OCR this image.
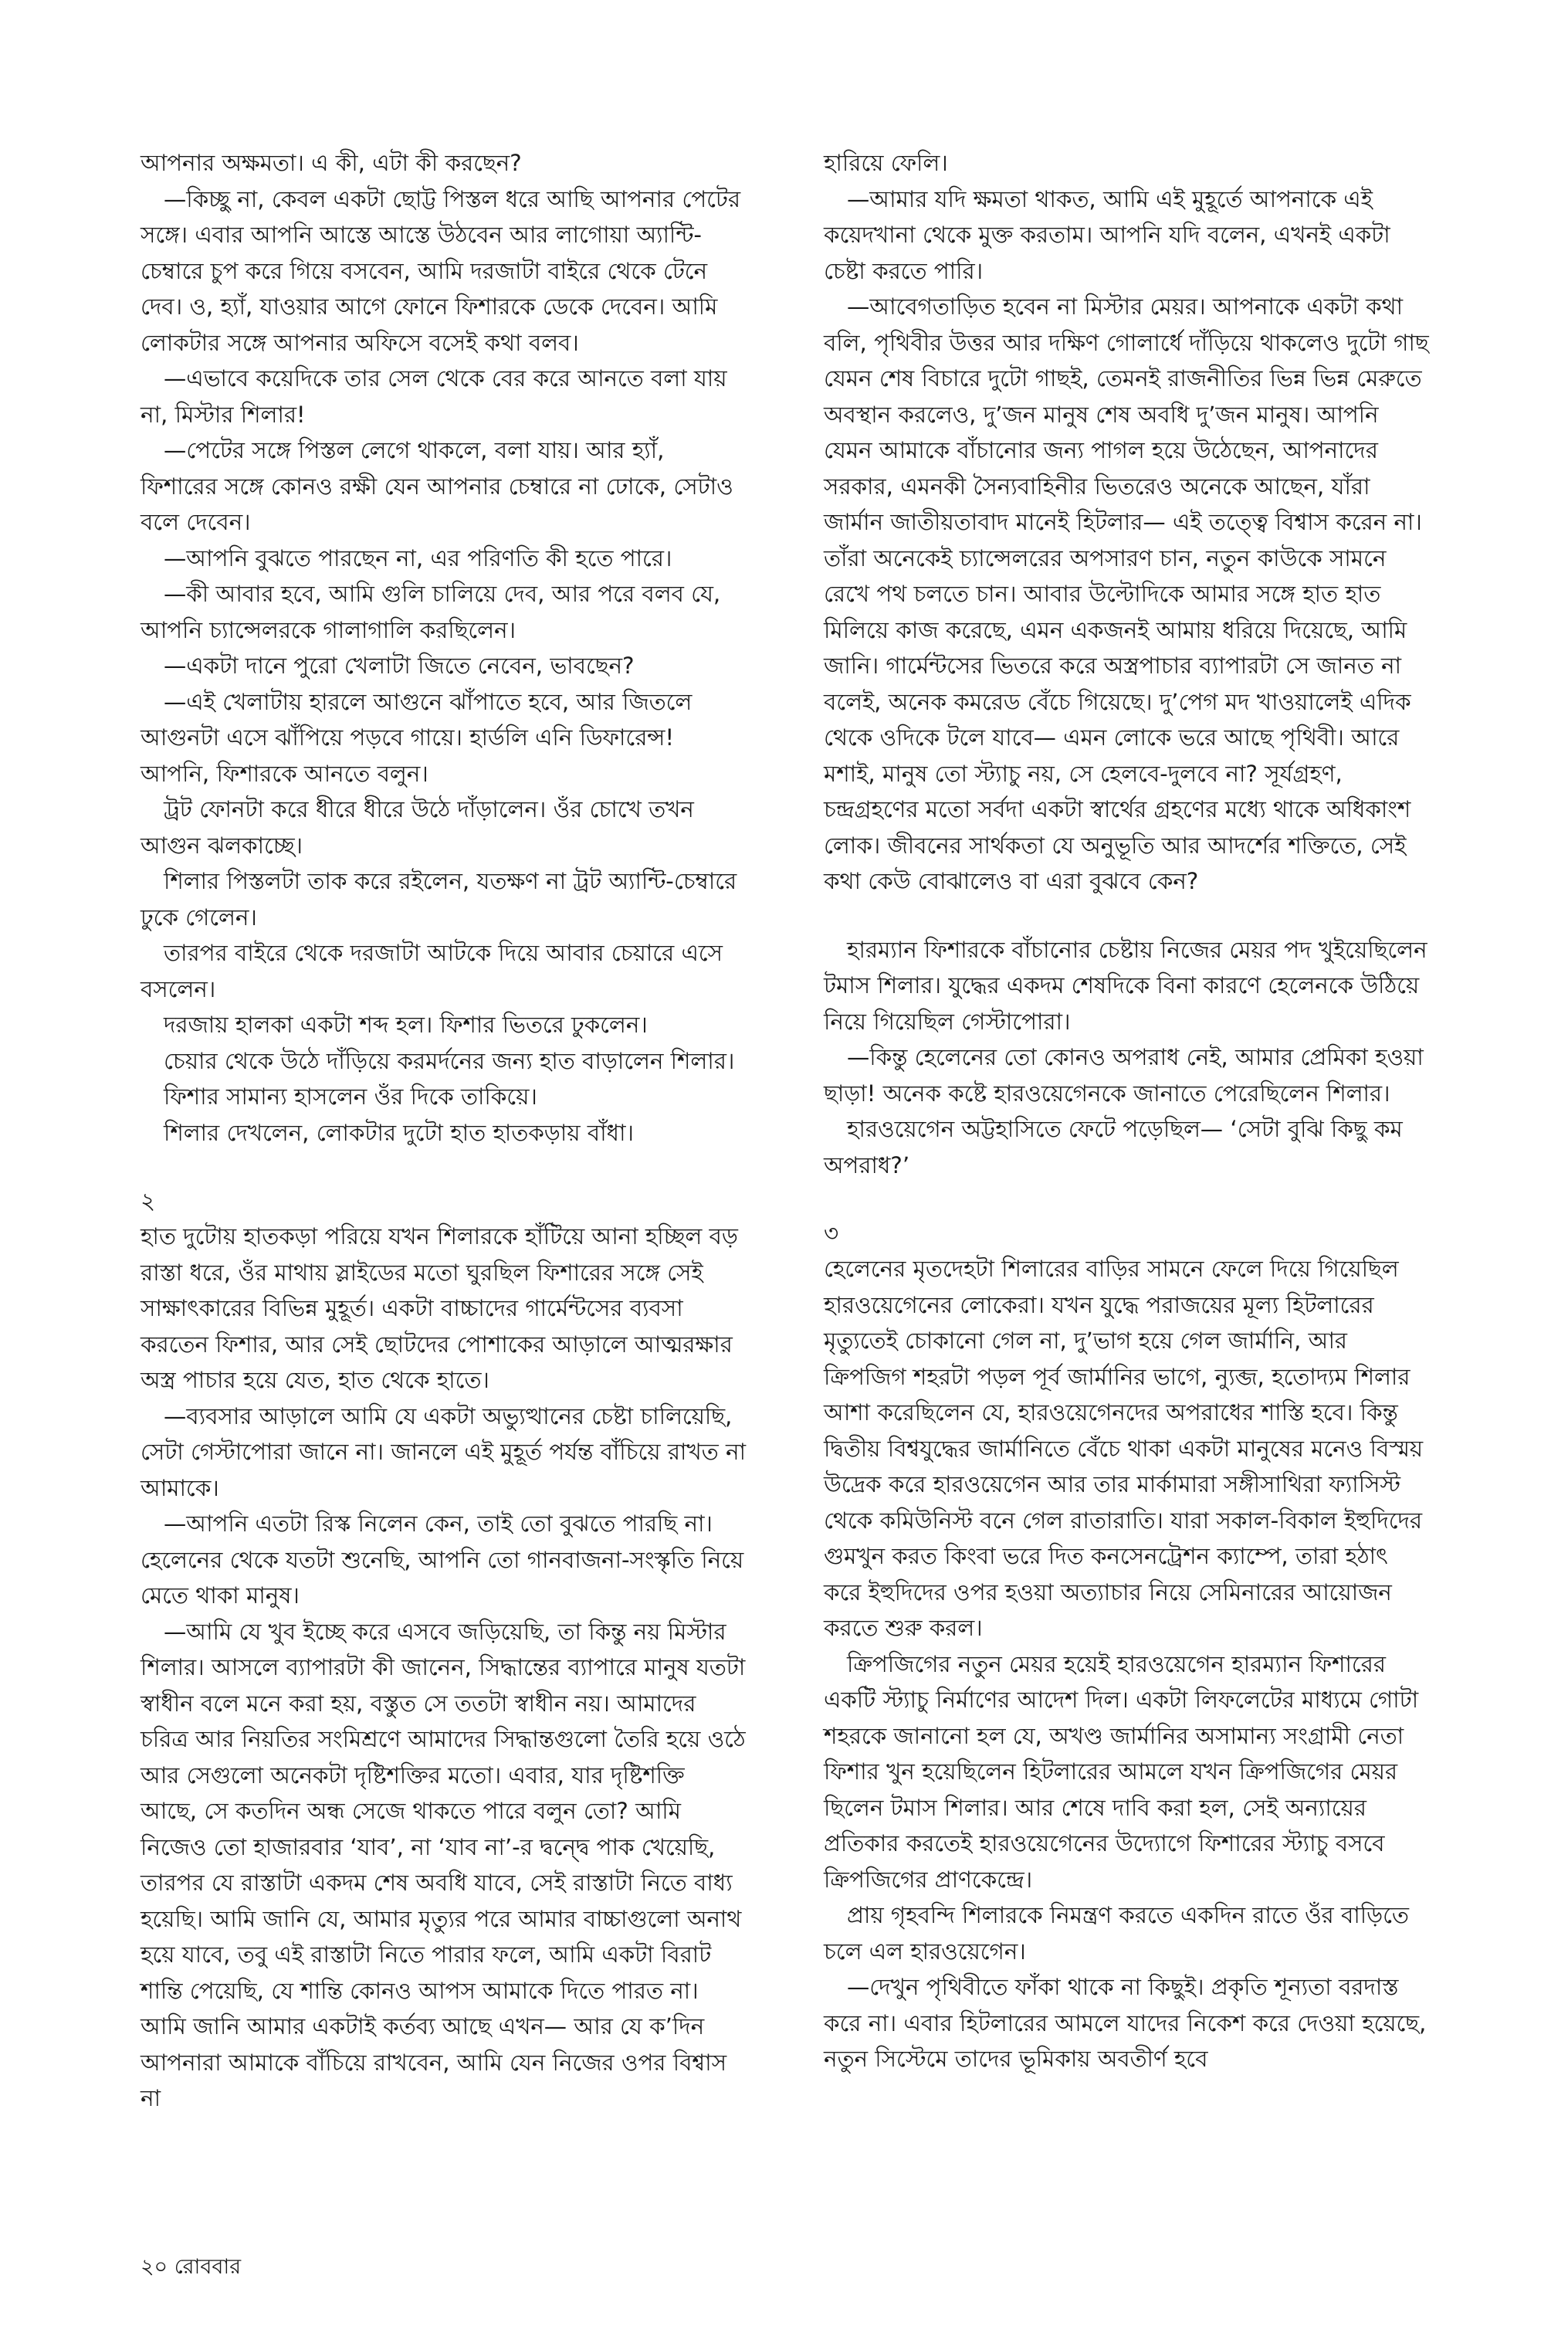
আপনার অক্ষমতা। এ কী, এটা কী করছেন?

—কিচ্ছু না, কেবল একটা ছোট্ট পিস্তল ধরে আছি আপনার পেটের সঙ্গে। এবার আপনি আস্তে আস্তে উঠবেন আর লাগোয়া অ্যান্টি-চেম্বারে চুপ করে গিয়ে বসবেন, আমি দরজাটা বাইরে থেকে টেনে দেব। ও, হ্যাঁ, যাওয়ার আগে ফোনে ফিশারকে ডেকে দেবেন। আমি লোকটার সঙ্গে আপনার অফিসে বসেই কথা বলব।

—এভাবে কয়েদিকে তার সেল থেকে বের করে আনতে বলা যায় না, মিস্টার শিলার!

—পেটের সঙ্গে পিস্তল লেগে থাকলে, বলা যায়। আর হ্যাঁ, ফিশারের সঙ্গে কোনও রক্ষী যেন আপনার চেম্বারে না ঢোকে, সেটাও বলে দেবেন।

—আপনি বুঝতে পারছেন না, এর পরিণতি কী হতে পারে।

—কী আবার হবে, আমি গুলি চালিয়ে দেব, আর পরে বলব যে, আপনি চ্যান্সেলরকে গালাগালি করছিলেন।

—একটা দানে পুরো খেলাটা জিতে নেবেন, ভাবছেন?

—এই খেলাটায় হারলে আগুনে ঝাঁপাতে হবে, আর জিতলে আগুনটা এসে ঝাঁপিয়ে পড়বে গায়ে। হার্ডলি এনি ডিফারেন্স! আপনি, ফিশারকে আনতে বলুন।

ট্রট ফোনটা করে ধীরে ধীরে উঠে দাঁড়ালেন। ওঁর চোখে তখন আগুন ঝলকাচ্ছে।

শিলার পিস্তলটা তাক করে রইলেন, যতক্ষণ না ট্রট অ্যান্টি-চেম্বারে ঢুকে গেলেন।

তারপর বাইরে থেকে দরজাটা আটকে দিয়ে আবার চেয়ারে এসে বসলেন।

দরজায় হালকা একটা শব্দ হল। ফিশার ভিতরে ঢুকলেন।

চেয়ার থেকে উঠে দাঁড়িয়ে করমর্দনের জন্য হাত বাড়ালেন শিলার।

ফিশার সামান্য হাসলেন ওঁর দিকে তাকিয়ে।

শিলার দেখলেন, লোকটার দুটো হাত হাতকড়ায় বাঁধা।

২

হাত দুটোয় হাতকড়া পরিয়ে যখন শিলারকে হাঁটিয়ে আনা হচ্ছিল বড় রাস্তা ধরে, ওঁর মাথায় স্লাইডের মতো ঘুরছিল ফিশারের সঙ্গে সেই সাক্ষাৎকারের বিভিন্ন মুহূর্ত। একটা বাচ্চাদের গার্মেন্টসের ব্যবসা করতেন ফিশার, আর সেই ছোটদের পোশাকের আড়ালে আত্মরক্ষার অস্ত্র পাচার হয়ে যেত, হাত থেকে হাতে।

—ব্যবসার আড়ালে আমি যে একটা অভ্যুত্থানের চেষ্টা চালিয়েছি, সেটা গেস্টাপোরা জানে না। জানলে এই মুহূর্ত পর্যন্ত বাঁচিয়ে রাখত না আমাকে।

—আপনি এতটা রিস্ক নিলেন কেন, তাই তো বুঝতে পারছি না। হেলেনের থেকে যতটা শুনেছি, আপনি তো গানবাজনা-সংস্কৃতি নিয়ে মেতে থাকা মানুষ।

—আমি যে খুব ইচ্ছে করে এসবে জড়িয়েছি, তা কিন্তু নয় মিস্টার শিলার। আসলে ব্যাপারটা কী জানেন, সিদ্ধান্তের ব্যাপারে মানুষ যতটা স্বাধীন বলে মনে করা হয়, বস্তুত সে ততটা স্বাধীন নয়। আমাদের চরিত্র আর নিয়তির সংমিশ্রণে আমাদের সিদ্ধান্তগুলো তৈরি হয়ে ওঠে আর সেগুলো অনেকটা দৃষ্টিশক্তির মতো। এবার, যার দৃষ্টিশক্তি আছে, সে কতদিন অন্ধ সেজে থাকতে পারে বলুন তো? আমি নিজেও তো হাজারবার ‘যাব’, না ‘যাব না’-র দ্বন্দ্বে পাক খেয়েছি, তারপর যে রাস্তাটা একদম শেষ অবধি যাবে, সেই রাস্তাটা নিতে বাধ্য হয়েছি। আমি জানি যে, আমার মৃত্যুর পরে আমার বাচ্চাগুলো অনাথ হয়ে যাবে, তবু এই রাস্তাটা নিতে পারার ফলে, আমি একটা বিরাট শান্তি পেয়েছি, যে শান্তি কোনও আপস আমাকে দিতে পারত না। আমি জানি আমার একটাই কর্তব্য আছে এখন— আর যে ক’দিন আপনারা আমাকে বাঁচিয়ে রাখবেন, আমি যেন নিজের ওপর বিশ্বাস না

হারিয়ে ফেলি।

—আমার যদি ক্ষমতা থাকত, আমি এই মুহূর্তে আপনাকে এই কয়েদখানা থেকে মুক্ত করতাম। আপনি যদি বলেন, এখনই একটা চেষ্টা করতে পারি।

—আবেগতাড়িত হবেন না মিস্টার মেয়র। আপনাকে একটা কথা বলি, পৃথিবীর উত্তর আর দক্ষিণ গোলার্ধে দাঁড়িয়ে থাকলেও দুটো গাছ যেমন শেষ বিচারে দুটো গাছই, তেমনই রাজনীতির ভিন্ন ভিন্ন মেরুতে অবস্থান করলেও, দু’জন মানুষ শেষ অবধি দু’জন মানুষ। আপনি যেমন আমাকে বাঁচানোর জন্য পাগল হয়ে উঠেছেন, আপনাদের সরকার, এমনকী সৈন্যবাহিনীর ভিতরেও অনেকে আছেন, যাঁরা জার্মান জাতীয়তাবাদ মানেই হিটলার— এই তত্ত্বে বিশ্বাস করেন না। তাঁরা অনেকেই চ্যান্সেলরের অপসারণ চান, নতুন কাউকে সামনে রেখে পথ চলতে চান। আবার উল্টোদিকে আমার সঙ্গে হাত হাত মিলিয়ে কাজ করেছে, এমন একজনই আমায় ধরিয়ে দিয়েছে, আমি জানি। গার্মেন্টসের ভিতরে করে অস্ত্রপাচার ব্যাপারটা সে জানত না বলেই, অনেক কমরেড বেঁচে গিয়েছে। দু’পেগ মদ খাওয়ালেই এদিক থেকে ওদিকে টলে যাবে— এমন লোকে ভরে আছে পৃথিবী। আরে মশাই, মানুষ তো স্ট্যাচু নয়, সে হেলবে-দুলবে না? সূর্যগ্রহণ, চন্দ্রগ্রহণের মতো সর্বদা একটা স্বার্থের গ্রহণের মধ্যে থাকে অধিকাংশ লোক। জীবনের সার্থকতা যে অনুভূতি আর আদর্শের শক্তিতে, সেই কথা কেউ বোঝালেও বা এরা বুঝবে কেন?

হারম্যান ফিশারকে বাঁচানোর চেষ্টায় নিজের মেয়র পদ খুইয়েছিলেন টমাস শিলার। যুদ্ধের একদম শেষদিকে বিনা কারণে হেলেনকে উঠিয়ে নিয়ে গিয়েছিল গেস্টাপোরা।

—কিন্তু হেলেনের তো কোনও অপরাধ নেই, আমার প্রেমিকা হওয়া ছাড়া! অনেক কষ্টে হারওয়েগেনকে জানাতে পেরেছিলেন শিলার।

হারওয়েগেন অট্টহাসিতে ফেটে পড়েছিল— ‘সেটা বুঝি কিছু কম অপরাধ?’

৩

হেলেনের মৃতদেহটা শিলারের বাড়ির সামনে ফেলে দিয়ে গিয়েছিল হারওয়েগেনের লোকেরা। যখন যুদ্ধে পরাজয়ের মূল্য হিটলারের মৃত্যুতেই চোকানো গেল না, দু’ভাগ হয়ে গেল জার্মানি, আর ক্রিপজিগ শহরটা পড়ল পূর্ব জার্মানির ভাগে, ন্যুব্জ, হতোদ্যম শিলার আশা করেছিলেন যে, হারওয়েগেনদের অপরাধের শাস্তি হবে। কিন্তু দ্বিতীয় বিশ্বযুদ্ধের জার্মানিতে বেঁচে থাকা একটা মানুষের মনেও বিস্ময় উদ্রেক করে হারওয়েগেন আর তার মার্কামারা সঙ্গীসাথিরা ফ্যাসিস্ট থেকে কমিউনিস্ট বনে গেল রাতারাতি। যারা সকাল-বিকাল ইহুদিদের গুমখুন করত কিংবা ভরে দিত কনসেনট্রেশন ক্যাম্পে, তারা হঠাৎ করে ইহুদিদের ওপর হওয়া অত্যাচার নিয়ে সেমিনারের আয়োজন করতে শুরু করল।

ক্রিপজিগের নতুন মেয়র হয়েই হারওয়েগেন হারম্যান ফিশারের একটি স্ট্যাচু নির্মাণের আদেশ দিল। একটা লিফলেটের মাধ্যমে গোটা শহরকে জানানো হল যে, অখণ্ড জার্মানির অসামান্য সংগ্রামী নেতা ফিশার খুন হয়েছিলেন হিটলারের আমলে যখন ক্রিপজিগের মেয়র ছিলেন টমাস শিলার। আর শেষে দাবি করা হল, সেই অন্যায়ের প্রতিকার করতেই হারওয়েগেনের উদ্যোগে ফিশারের স্ট্যাচু বসবে ক্রিপজিগের প্রাণকেন্দ্রে।

প্রায় গৃহবন্দি শিলারকে নিমন্ত্রণ করতে একদিন রাতে ওঁর বাড়িতে চলে এল হারওয়েগেন।

—দেখুন পৃথিবীতে ফাঁকা থাকে না কিছুই। প্রকৃতি শূন্যতা বরদাস্ত করে না। এবার হিটলারের আমলে যাদের নিকেশ করে দেওয়া হয়েছে, নতুন সিস্টেমে তাদের ভূমিকায় অবতীর্ণ হবে

২০ রোববার
